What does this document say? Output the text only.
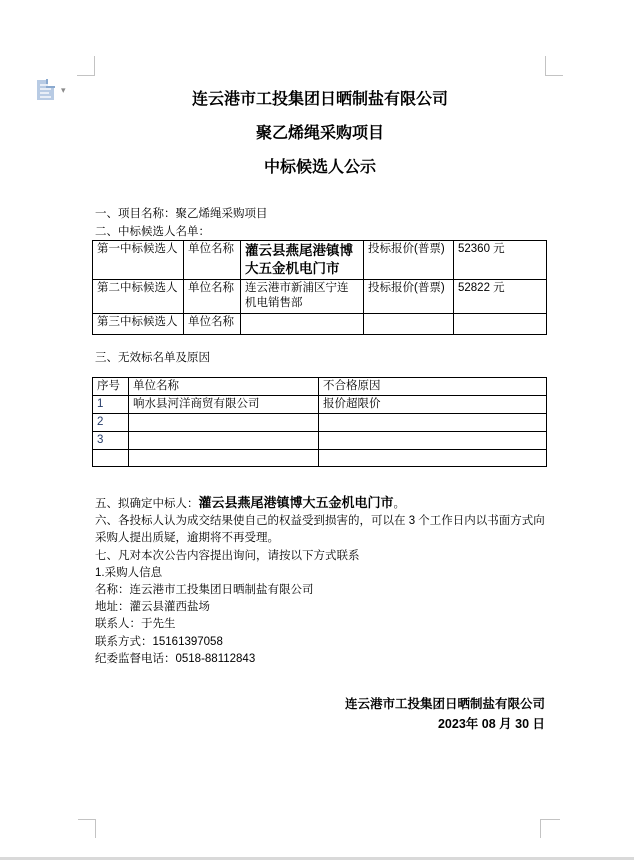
▾
连云港市工投集团日晒制盐有限公司
聚乙烯绳采购项目
中标候选人公示
一、项目名称：聚乙烯绳采购项目
二、中标候选人名单：
第一中标候选人	单位名称	灌云县燕尾港镇博大五金机电门市	投标报价(普票)	52360 元
第二中标候选人	单位名称	连云港市新浦区宁连机电销售部	投标报价(普票)	52822 元
第三中标候选人	单位名称			
三、无效标名单及原因
序号	单位名称	不合格原因
1	响水县河洋商贸有限公司	报价超限价
2		
3		

五、拟确定中标人：灌云县燕尾港镇博大五金机电门市。
六、各投标人认为成交结果使自己的权益受到损害的，可以在 3 个工作日内以书面方式向采购人提出质疑，逾期将不再受理。
七、凡对本次公告内容提出询问，请按以下方式联系
1.采购人信息
名称：连云港市工投集团日晒制盐有限公司
地址：灌云县灌西盐场
联系人：于先生
联系方式：15161397058
纪委监督电话：0518-88112843
连云港市工投集团日晒制盐有限公司
2023年 08 月 30 日
